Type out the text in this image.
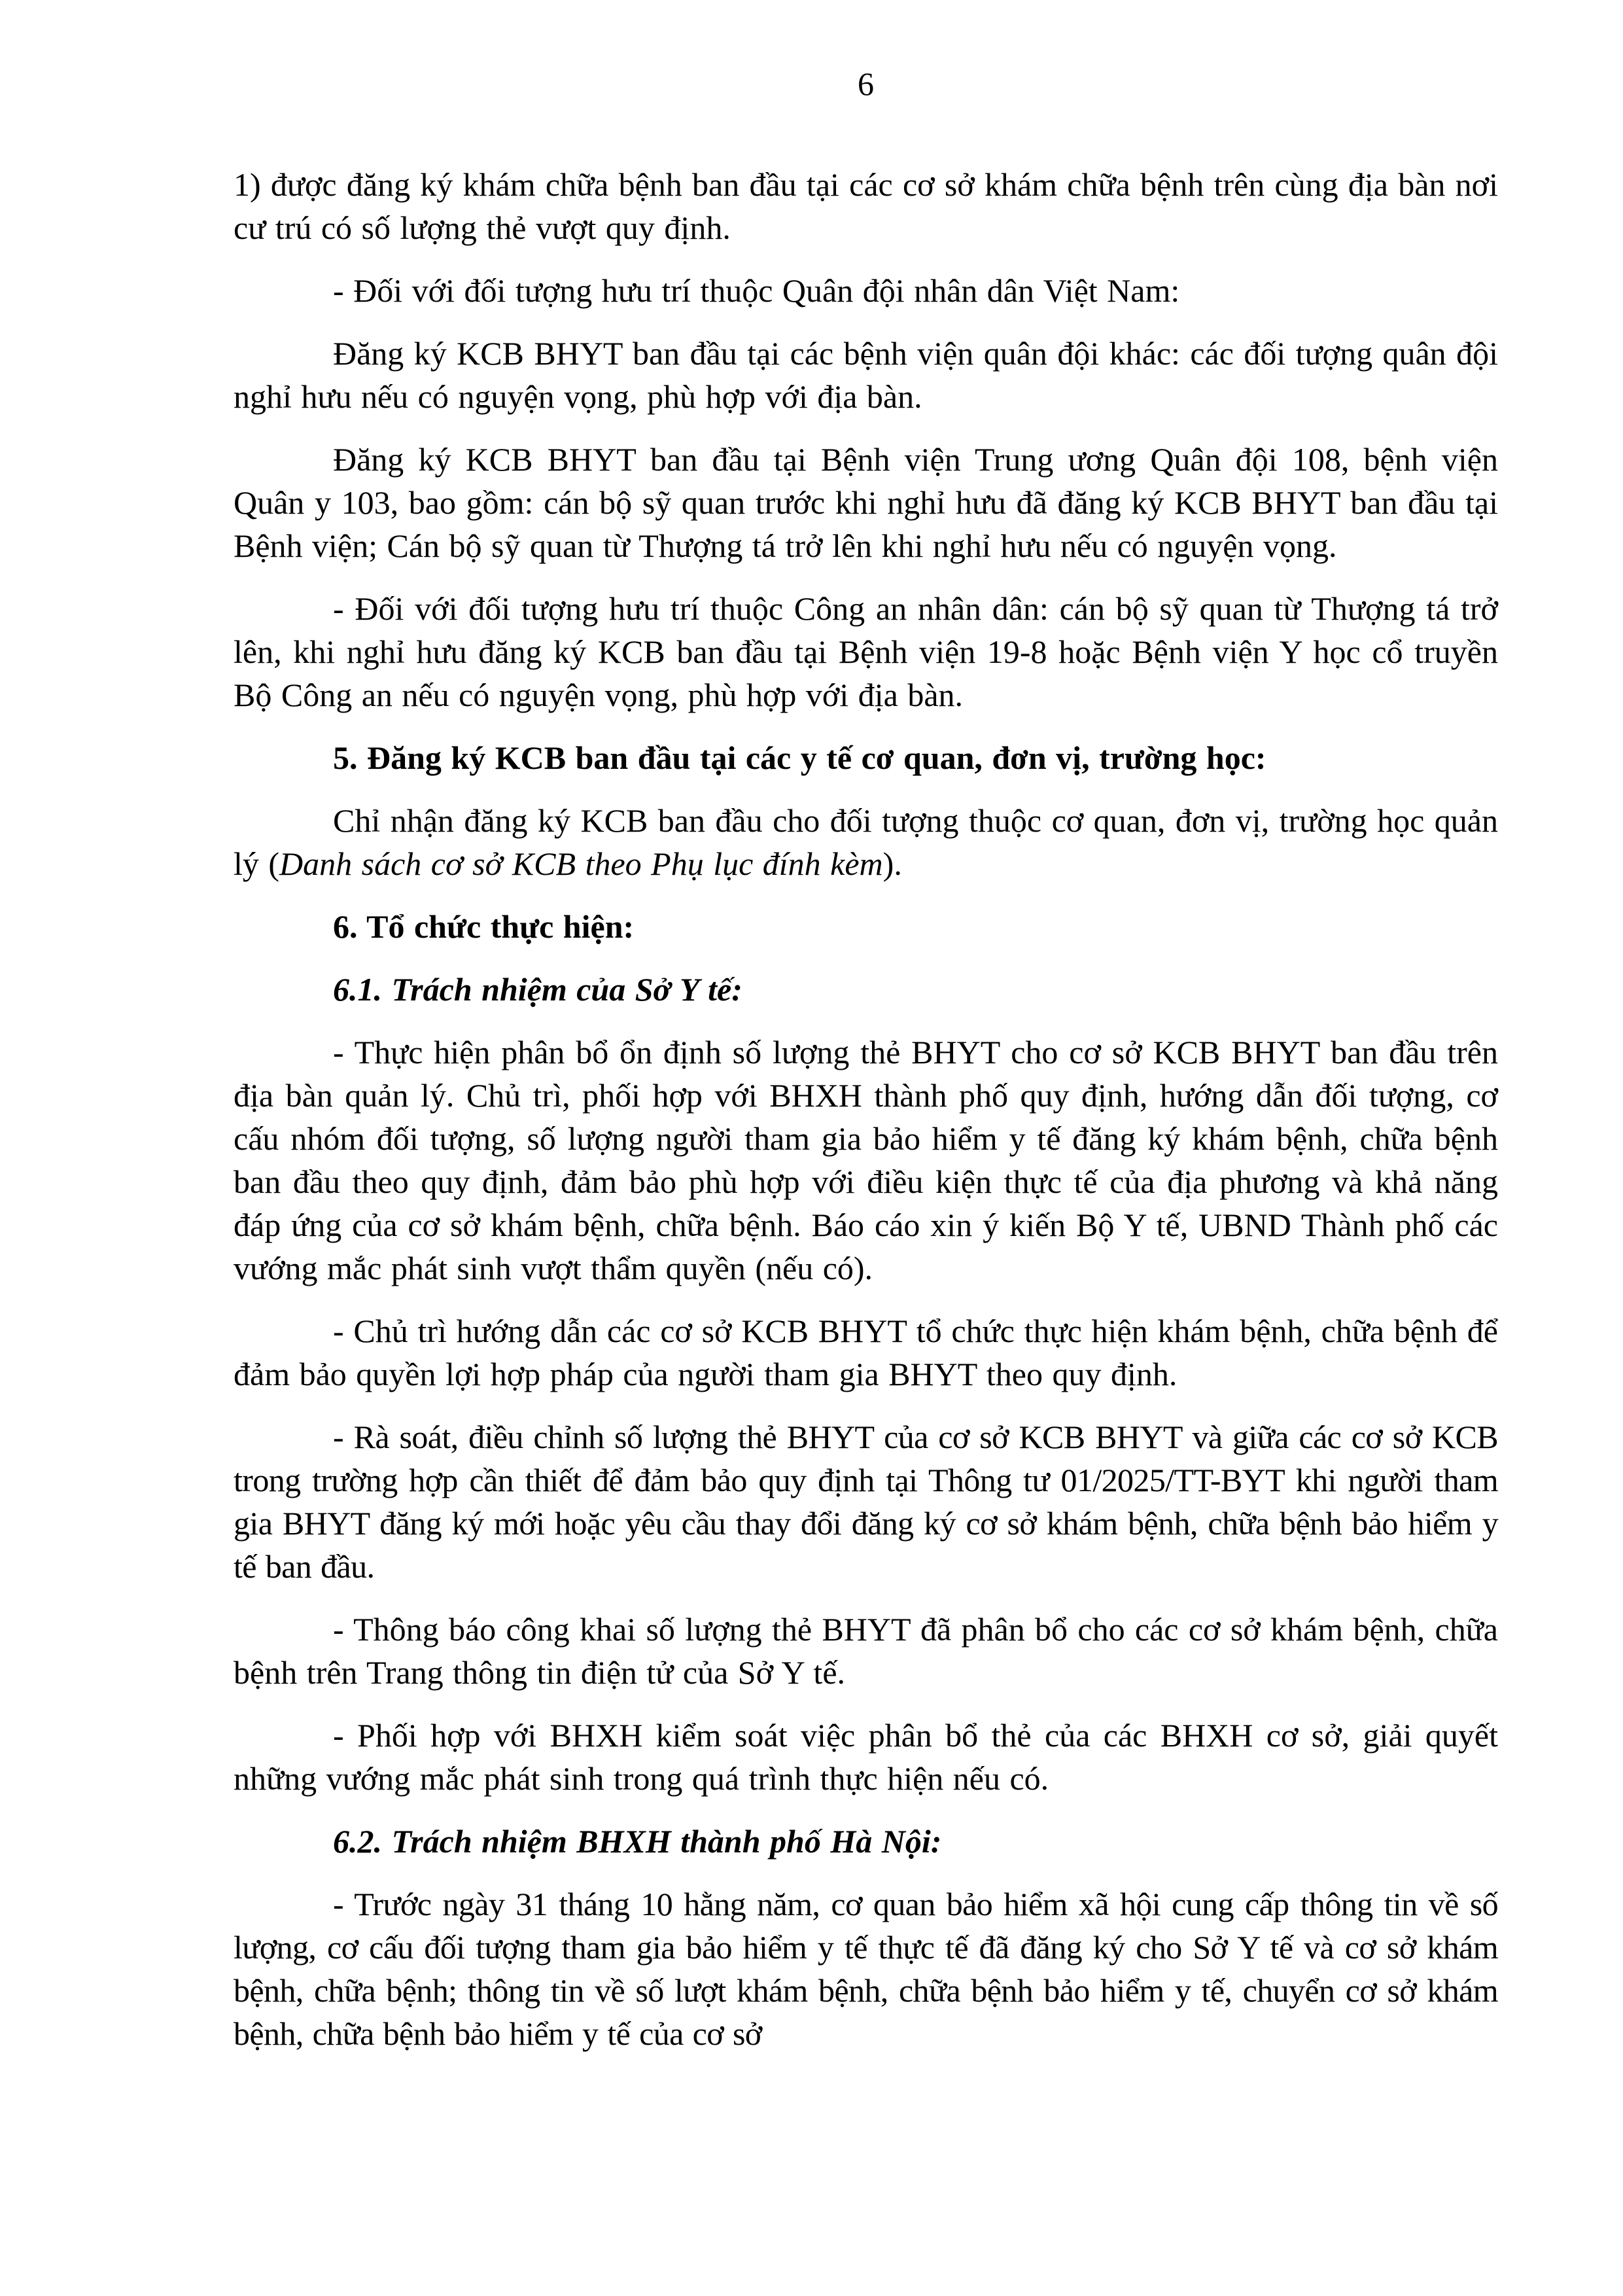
6

1) được đăng ký khám chữa bệnh ban đầu tại các cơ sở khám chữa bệnh trên cùng địa bàn nơi cư trú có số lượng thẻ vượt quy định.

- Đối với đối tượng hưu trí thuộc Quân đội nhân dân Việt Nam:

Đăng ký KCB BHYT ban đầu tại các bệnh viện quân đội khác: các đối tượng quân đội nghỉ hưu nếu có nguyện vọng, phù hợp với địa bàn.

Đăng ký KCB BHYT ban đầu tại Bệnh viện Trung ương Quân đội 108, bệnh viện Quân y 103, bao gồm: cán bộ sỹ quan trước khi nghỉ hưu đã đăng ký KCB BHYT ban đầu tại Bệnh viện; Cán bộ sỹ quan từ Thượng tá trở lên khi nghỉ hưu nếu có nguyện vọng.

- Đối với đối tượng hưu trí thuộc Công an nhân dân: cán bộ sỹ quan từ Thượng tá trở lên, khi nghỉ hưu đăng ký KCB ban đầu tại Bệnh viện 19-8 hoặc Bệnh viện Y học cổ truyền Bộ Công an nếu có nguyện vọng, phù hợp với địa bàn.

5. Đăng ký KCB ban đầu tại các y tế cơ quan, đơn vị, trường học:

Chỉ nhận đăng ký KCB ban đầu cho đối tượng thuộc cơ quan, đơn vị, trường học quản lý (Danh sách cơ sở KCB theo Phụ lục đính kèm).

6. Tổ chức thực hiện:

6.1. Trách nhiệm của Sở Y tế:

- Thực hiện phân bổ ổn định số lượng thẻ BHYT cho cơ sở KCB BHYT ban đầu trên địa bàn quản lý. Chủ trì, phối hợp với BHXH thành phố quy định, hướng dẫn đối tượng, cơ cấu nhóm đối tượng, số lượng người tham gia bảo hiểm y tế đăng ký khám bệnh, chữa bệnh ban đầu theo quy định, đảm bảo phù hợp với điều kiện thực tế của địa phương và khả năng đáp ứng của cơ sở khám bệnh, chữa bệnh. Báo cáo xin ý kiến Bộ Y tế, UBND Thành phố các vướng mắc phát sinh vượt thẩm quyền (nếu có).

- Chủ trì hướng dẫn các cơ sở KCB BHYT tổ chức thực hiện khám bệnh, chữa bệnh để đảm bảo quyền lợi hợp pháp của người tham gia BHYT theo quy định.

- Rà soát, điều chỉnh số lượng thẻ BHYT của cơ sở KCB BHYT và giữa các cơ sở KCB trong trường hợp cần thiết để đảm bảo quy định tại Thông tư 01/2025/TT-BYT khi người tham gia BHYT đăng ký mới hoặc yêu cầu thay đổi đăng ký cơ sở khám bệnh, chữa bệnh bảo hiểm y tế ban đầu.

- Thông báo công khai số lượng thẻ BHYT đã phân bổ cho các cơ sở khám bệnh, chữa bệnh trên Trang thông tin điện tử của Sở Y tế.

- Phối hợp với BHXH kiểm soát việc phân bổ thẻ của các BHXH cơ sở, giải quyết những vướng mắc phát sinh trong quá trình thực hiện nếu có.

6.2. Trách nhiệm BHXH thành phố Hà Nội:

- Trước ngày 31 tháng 10 hằng năm, cơ quan bảo hiểm xã hội cung cấp thông tin về số lượng, cơ cấu đối tượng tham gia bảo hiểm y tế thực tế đã đăng ký cho Sở Y tế và cơ sở khám bệnh, chữa bệnh; thông tin về số lượt khám bệnh, chữa bệnh bảo hiểm y tế, chuyển cơ sở khám bệnh, chữa bệnh bảo hiểm y tế của cơ sở
